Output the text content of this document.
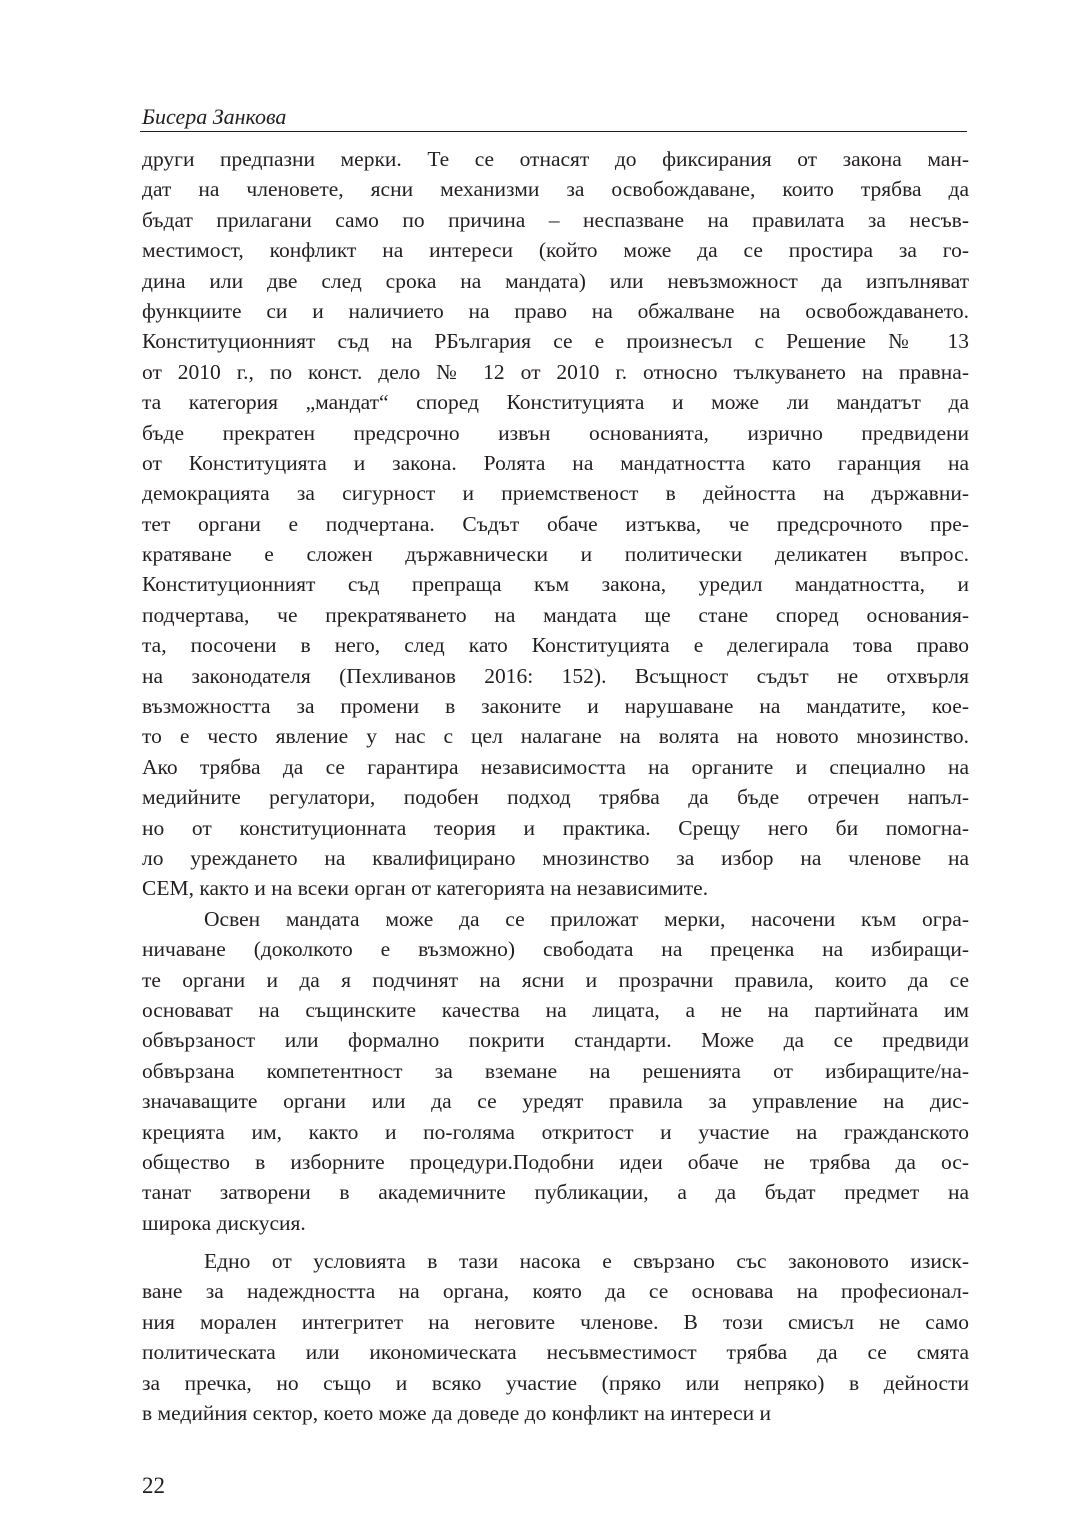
Бисера Занкова
други предпазни мерки. Те се отнасят до фиксирания от закона ман-
дат на членовете, ясни механизми за освобождаване, които трябва да
бъдат прилагани само по причина – неспазване на правилата за несъв-
местимост, конфликт на интереси (който може да се простира за го-
дина или две след срока на мандата) или невъзможност да изпълняват
функциите си и наличието на право на обжалване на освобождаването.
Конституционният съд на РБългария се е произнесъл с Решение № 13
от 2010 г., по конст. дело № 12 от 2010 г. относно тълкуването на правна-
та категория „мандат“ според Конституцията и може ли мандатът да
бъде прекратен предсрочно извън основанията, изрично предвидени
от Конституцията и закона. Ролята на мандатността като гаранция на
демокрацията за сигурност и приемственост в дейността на държавни-
тет органи е подчертана. Съдът обаче изтъква, че предсрочното пре-
кратяване е сложен държавнически и политически деликатен въпрос.
Конституционният съд препраща към закона, уредил мандатността, и
подчертава, че прекратяването на мандата ще стане според основания-
та, посочени в него, след като Конституцията е делегирала това право
на законодателя (Пехливанов 2016: 152). Всъщност съдът не отхвърля
възможността за промени в законите и нарушаване на мандатите, кое-
то е често явление у нас с цел налагане на волята на новото мнозинство.
Ако трябва да се гарантира независимостта на органите и специално на
медийните регулатори, подобен подход трябва да бъде отречен напъл-
но от конституционната теория и практика. Срещу него би помогна-
ло уреждането на квалифицирано мнозинство за избор на членове на
СЕМ, както и на всеки орган от категорията на независимите.
Освен мандата може да се приложат мерки, насочени към огра-
ничаване (доколкото е възможно) свободата на преценка на избиращи-
те органи и да я подчинят на ясни и прозрачни правила, които да се
основават на същинските качества на лицата, а не на партийната им
обвързаност или формално покрити стандарти. Може да се предвиди
обвързана компетентност за вземане на решенията от избиращите/на-
значаващите органи или да се уредят правила за управление на дис-
крецията им, както и по-голяма откритост и участие на гражданското
общество в изборните процедури.Подобни идеи обаче не трябва да ос-
танат затворени в академичните публикации, а да бъдат предмет на
широка дискусия.
Едно от условията в тази насока е свързано със законовото изиск-
ване за надеждността на органа, която да се основава на професионал-
ния морален интегритет на неговите членове. В този смисъл не само
политическата или икономическата несъвместимост трябва да се смята
за пречка, но също и всяко участие (пряко или непряко) в дейности
в медийния сектор, което може да доведе до конфликт на интереси и
22
